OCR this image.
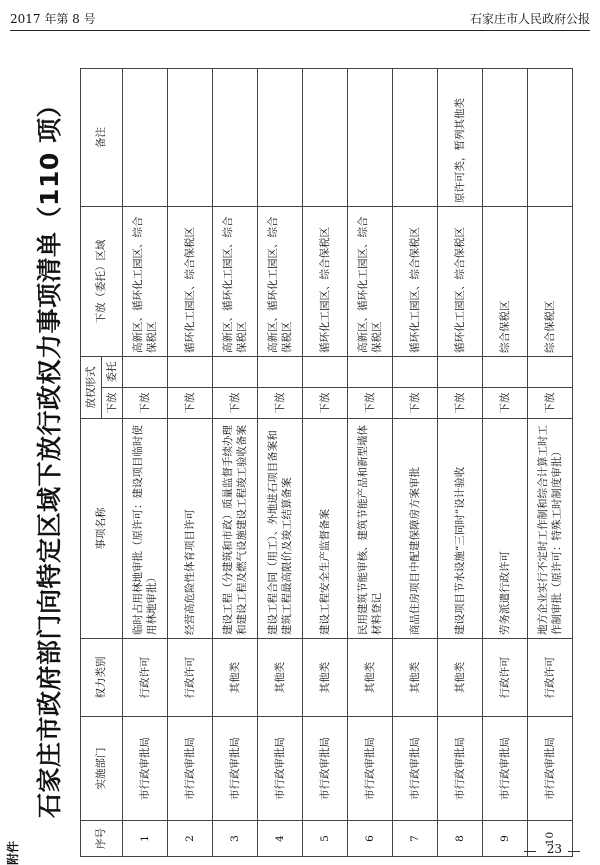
2017 年第 8 号	石家庄市人民政府公报
附件
石家庄市政府部门向特定区域下放行政权力事项清单（110 项）
序号	实施部门	权力类别	事项名称	放权形式		下放（委托）区域	备注
				下放	委托		
1	市行政审批局	行政许可	临时占用林地审批（原许可：建设项目临时使用林地审批）	下放		高新区、循环化工园区、综合保税区	
2	市行政审批局	行政许可	经营高危险性体育项目许可	下放		循环化工园区、综合保税区	
3	市行政审批局	其他类	建设工程（分建筑和市政）质量监督手续办理和建设工程及燃气设施建设工程竣工验收备案	下放		高新区、循环化工园区、综合保税区	
4	市行政审批局	其他类	建设工程合同（用工）、外地进石项目备案和建筑工程最高限价及竣工结算备案	下放		高新区、循环化工园区、综合保税区	
5	市行政审批局	其他类	建设工程安全生产监督备案	下放		循环化工园区、综合保税区	
6	市行政审批局	其他类	民用建筑节能审核、建筑节能产品和新型墙体材料登记	下放		高新区、循环化工园区、综合保税区	
7	市行政审批局	其他类	商品住房项目中配建保障房方案审批	下放		循环化工园区、综合保税区	
8	市行政审批局	其他类	建设项目节水设施“三同时”设计验收	下放		循环化工园区、综合保税区	原许可类，暂列其他类
9	市行政审批局	行政许可	劳务派遣行政许可	下放		综合保税区	
10	市行政审批局	行政许可	地方企业实行不定时工作制和综合计算工时工作制审批（原许可：特殊工时制度审批）	下放		综合保税区	
23
